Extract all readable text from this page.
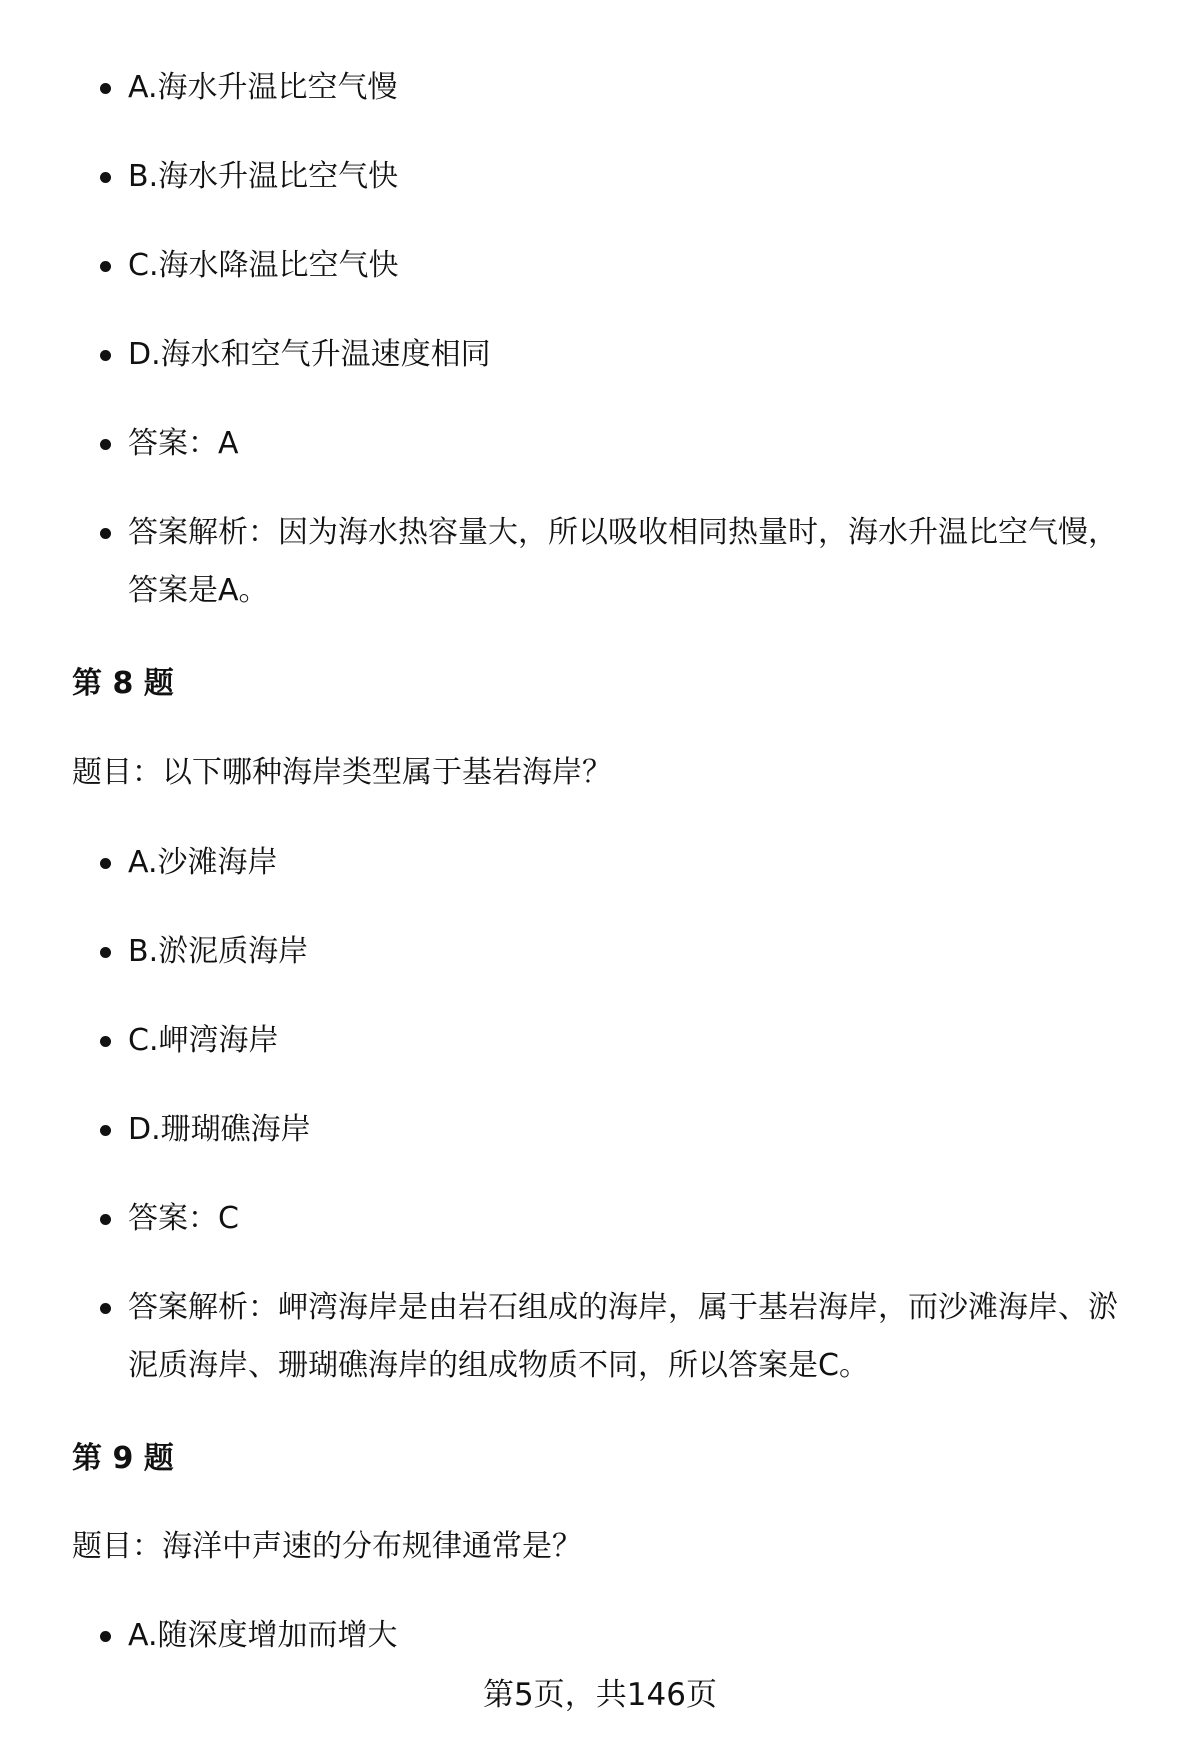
A.海水升温比空气慢
B.海水升温比空气快
C.海水降温比空气快
D.海水和空气升温速度相同
答案：A
答案解析：因为海水热容量大，所以吸收相同热量时，海水升温比空气慢，答案是A。
第 8 题
题目：以下哪种海岸类型属于基岩海岸？
A.沙滩海岸
B.淤泥质海岸
C.岬湾海岸
D.珊瑚礁海岸
答案：C
答案解析：岬湾海岸是由岩石组成的海岸，属于基岩海岸，而沙滩海岸、淤泥质海岸、珊瑚礁海岸的组成物质不同，所以答案是C。
第 9 题
题目：海洋中声速的分布规律通常是？
A.随深度增加而增大
第5页，共146页
